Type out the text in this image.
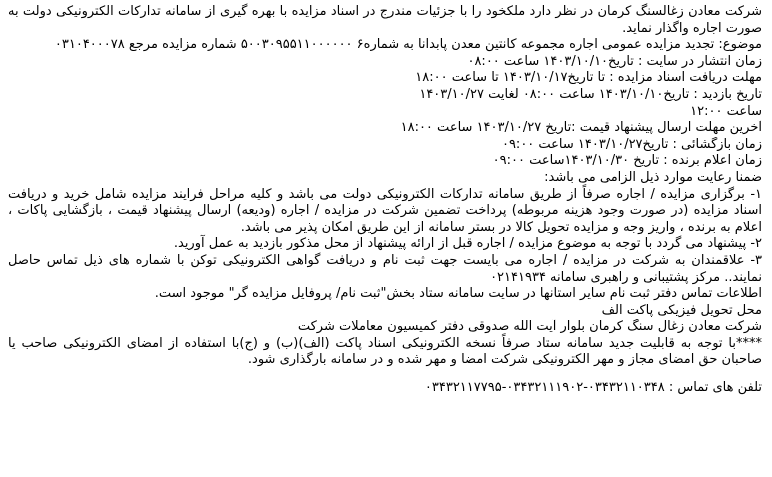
شرکت معادن زغالسنگ کرمان در نظر دارد ملکخود را با جزئیات مندرج در اسناد مزایده با بهره گیری از سامانه تدارکات الکترونیکی دولت به صورت اجاره واگذار نماید.
موضوع: تجدید مزایده عمومی اجاره مجموعه کانتین معدن پابدانا به شماره۶ ۵۰۰۳۰۹۵۵۱۱۰۰۰۰۰۰ شماره مزایده مرجع ۰۳۱۰۴۰۰۰۷۸
زمان انتشار در سایت : تاریخ۱۴۰۳/۱۰/۱۰ ساعت ۰۸:۰۰
مهلت دریافت اسناد مزایده : تا تاریخ۱۴۰۳/۱۰/۱۷ تا ساعت ۱۸:۰۰
تاریخ بازدید : تاریخ۱۴۰۳/۱۰/۱۰ ساعت ۰۸:۰۰ لغایت ۱۴۰۳/۱۰/۲۷
ساعت ۱۲:۰۰
آخرین مهلت ارسال پیشنهاد قیمت :تاریخ ۱۴۰۳/۱۰/۲۷ ساعت ۱۸:۰۰
زمان بازگشائی : تاریخ۱۴۰۳/۱۰/۲۷ ساعت ۰۹:۰۰
زمان اعلام برنده : تاریخ ۱۴۰۳/۱۰/۳۰ساعت ۰۹:۰۰
ضمنا رعایت موارد ذیل الزامی می باشد:
۱- برگزاری مزایده / اجاره صرفاً از طریق سامانه تدارکات الکترونیکی دولت می باشد و کلیه مراحل فرایند مزایده شامل خرید و دریافت اسناد مزایده (در صورت وجود هزینه مربوطه) پرداخت تضمین شرکت در مزایده / اجاره (ودیعه) ارسال پیشنهاد قیمت ، بازگشایی پاکات ، اعلام به برنده ، واریز وجه و مزایده تحویل کالا در بستر سامانه از این طریق امکان پذیر می باشد.
۲- پیشنهاد می گردد با توجه به موضوع مزایده / اجاره قبل از ارائه پیشنهاد از محل مذکور بازدید به عمل آورید.
۳- علاقمندان به شرکت در مزایده / اجاره می بایست جهت ثبت نام و دریافت گواهی الکترونیکی توکن با شماره های ذیل تماس حاصل نمایند.. مرکز پشتیبانی و راهبری سامانه ۰۲۱۴۱۹۳۴
اطلاعات تماس دفتر ثبت نام سایر استانها در سایت سامانه ستاد بخش"ثبت نام/ پروفایل مزایده گر" موجود است.
محل تحویل فیزیکی پاکت الف
شرکت معادن زغال سنگ کرمان بلوار آیت الله صدوقی دفتر کمیسیون معاملات شرکت
****با توجه به قابلیت جدید سامانه ستاد صرفاً نسخه الکترونیکی اسناد پاکت (الف)(ب) و (ج)با استفاده از امضای الکترونیکی صاحب یا صاحبان حق امضای مجاز و مهر الکترونیکی شرکت امضا و مهر شده و در سامانه بارگذاری شود.
تلفن های تماس : ۰۳۴۳۲۱۱۰۳۴۸-۰۳۴۳۲۱۱۱۹۰۲-۰۳۴۳۲۱۱۷۷۹۵
